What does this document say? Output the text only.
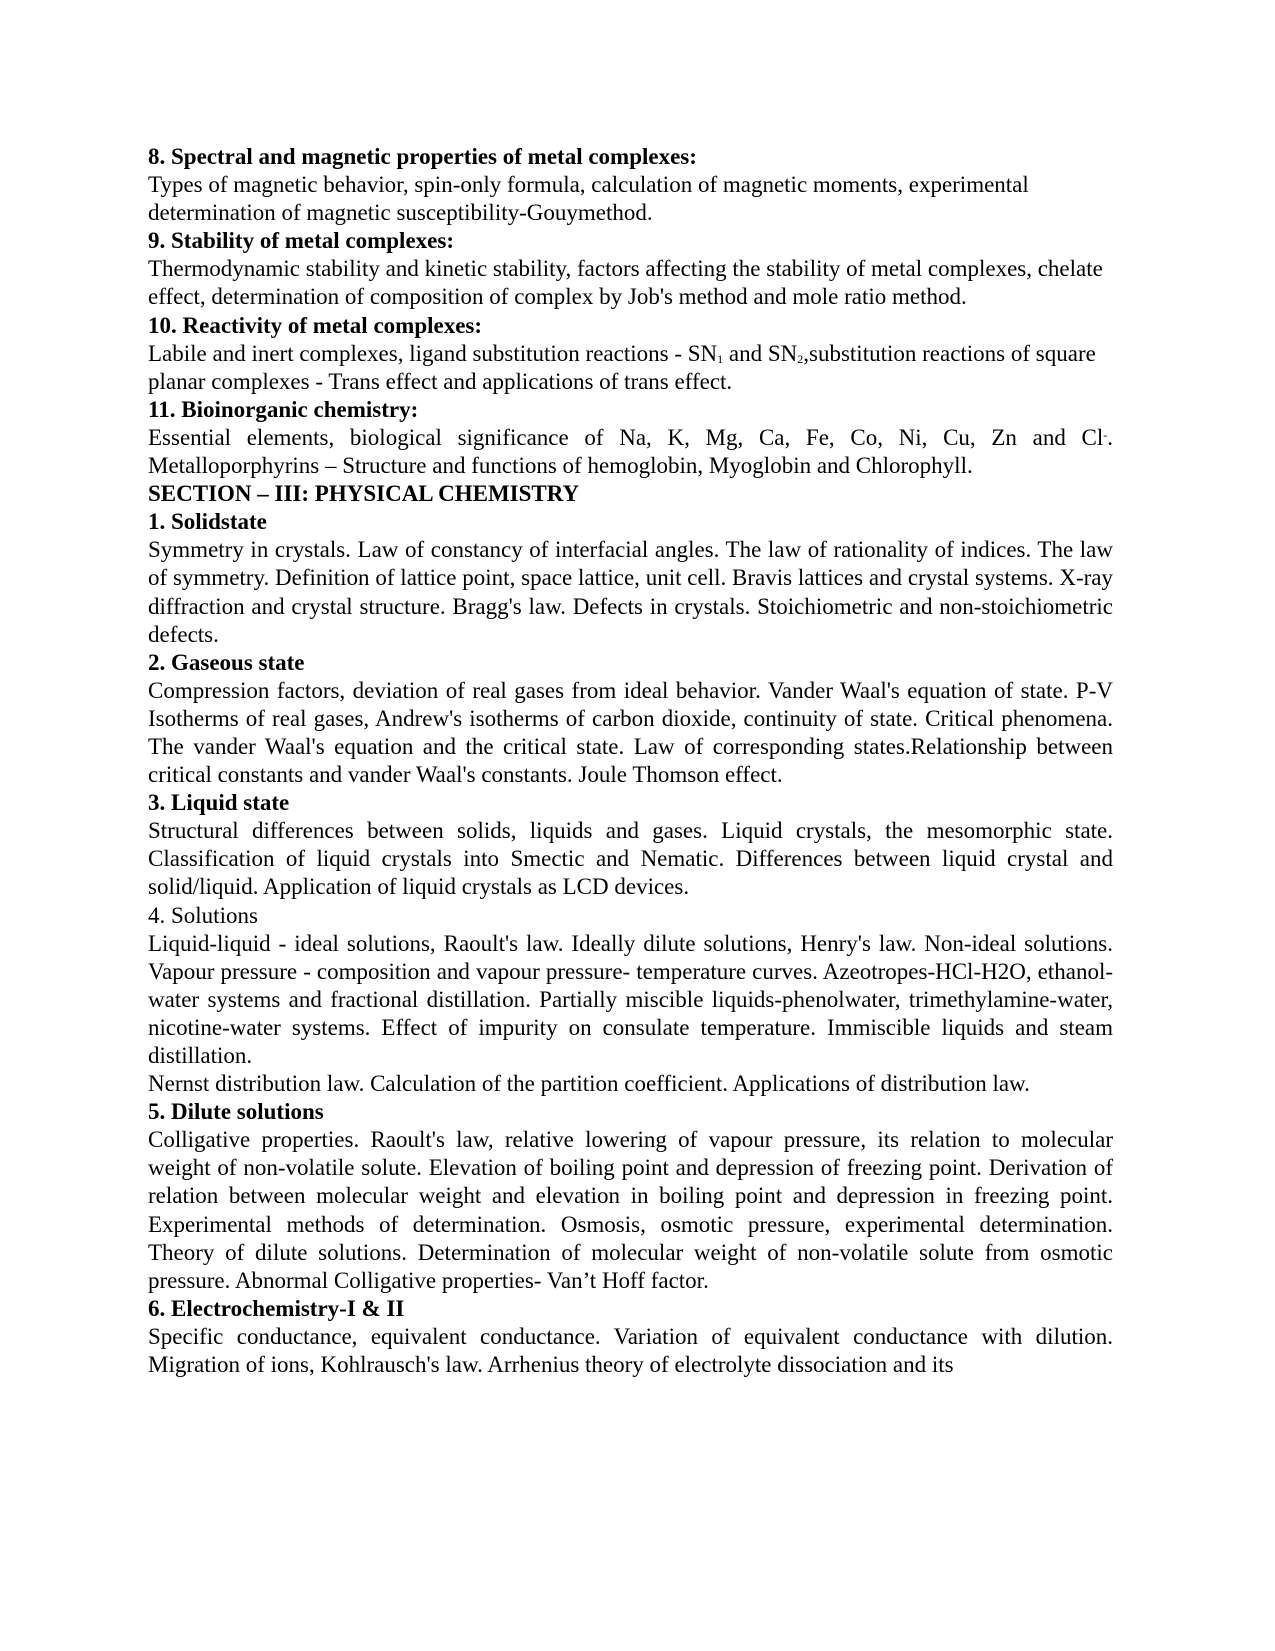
8. Spectral and magnetic properties of metal complexes:

Types of magnetic behavior, spin-only formula, calculation of magnetic moments, experimental determination of magnetic susceptibility-Gouymethod.

9. Stability of metal complexes:

Thermodynamic stability and kinetic stability, factors affecting the stability of metal complexes, chelate effect, determination of composition of complex by Job's method and mole ratio method.

10. Reactivity of metal complexes:

Labile and inert complexes, ligand substitution reactions - $SN_1$ and $SN_2,substitution$ reactions of square planar complexes - Trans effect and applications of trans effect.

11. Bioinorganic chemistry:

Essential elements, biological significance of Na, K, Mg, Ca, Fe, Co, Ni, Cu, Zn and Cl-. Metalloporphyrins – Structure and functions of hemoglobin, Myoglobin and Chlorophyll.

SECTION – III: PHYSICAL CHEMISTRY

1. Solidstate

Symmetry in crystals. Law of constancy of interfacial angles. The law of rationality of indices. The law of symmetry. Definition of lattice point, space lattice, unit cell. Bravis lattices and crystal systems. X-ray diffraction and crystal structure. Bragg's law. Defects in crystals. Stoichiometric and non-stoichiometric defects.

2. Gaseous state

Compression factors, deviation of real gases from ideal behavior. Vander Waal's equation of state. P-V Isotherms of real gases, Andrew's isotherms of carbon dioxide, continuity of state. Critical phenomena. The vander Waal's equation and the critical state. Law of corresponding states.Relationship between critical constants and vander Waal's constants. Joule Thomson effect.

3. Liquid state

Structural differences between solids, liquids and gases. Liquid crystals, the mesomorphic state. Classification of liquid crystals into Smectic and Nematic. Differences between liquid crystal and solid/liquid. Application of liquid crystals as LCD devices.

4. Solutions

Liquid-liquid - ideal solutions, Raoult's law. Ideally dilute solutions, Henry's law. Non-ideal solutions. Vapour pressure - composition and vapour pressure- temperature curves. Azeotropes-HCl-H2O, ethanol-water systems and fractional distillation. Partially miscible liquids-phenolwater, trimethylamine-water, nicotine-water systems. Effect of impurity on consulate temperature. Immiscible liquids and steam distillation.

Nernst distribution law. Calculation of the partition coefficient. Applications of distribution law.

5. Dilute solutions

Colligative properties. Raoult's law, relative lowering of vapour pressure, its relation to molecular weight of non-volatile solute. Elevation of boiling point and depression of freezing point. Derivation of relation between molecular weight and elevation in boiling point and depression in freezing point. Experimental methods of determination. Osmosis, osmotic pressure, experimental determination. Theory of dilute solutions. Determination of molecular weight of non-volatile solute from osmotic pressure. Abnormal Colligative properties- Van’t Hoff factor.

6. Electrochemistry-I & II

Specific conductance, equivalent conductance. Variation of equivalent conductance with dilution. Migration of ions, Kohlrausch's law. Arrhenius theory of electrolyte dissociation and its
